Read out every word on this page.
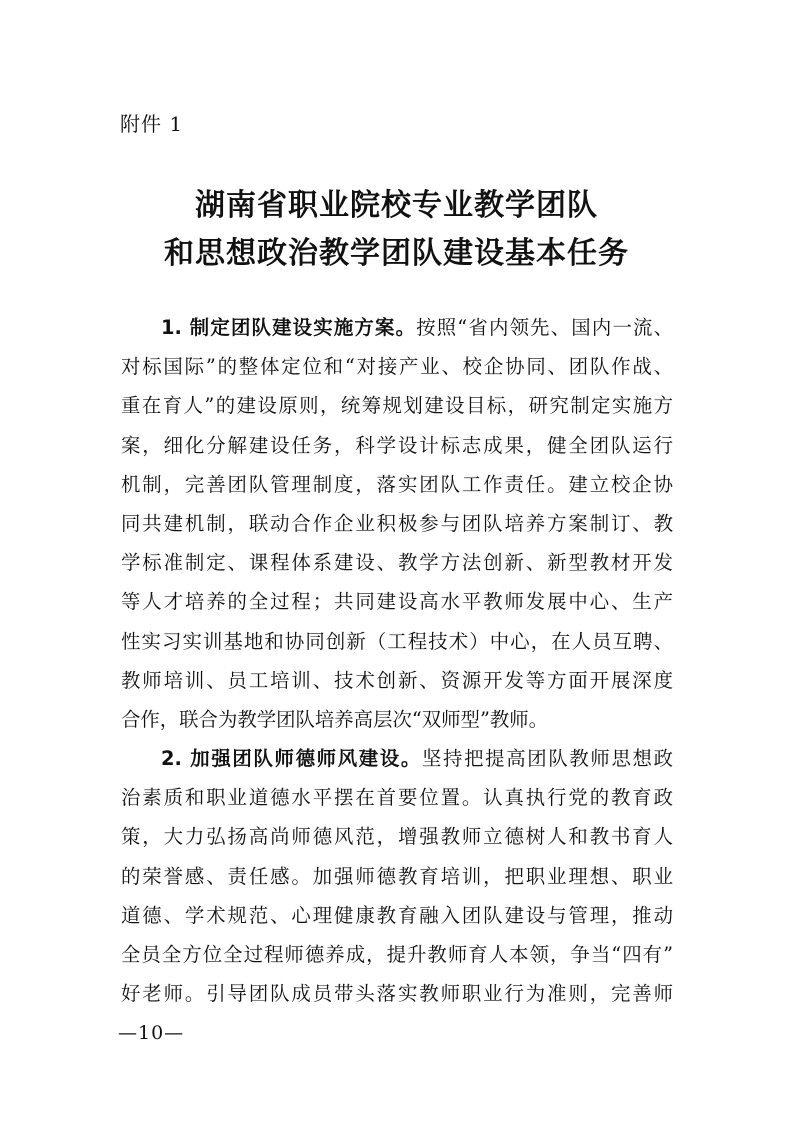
附件 1
湖南省职业院校专业教学团队
和思想政治教学团队建设基本任务
1. 制定团队建设实施方案。按照“省内领先、国内一流、
对标国际”的整体定位和“对接产业、校企协同、团队作战、
重在育人”的建设原则，统筹规划建设目标，研究制定实施方
案，细化分解建设任务，科学设计标志成果，健全团队运行
机制，完善团队管理制度，落实团队工作责任。建立校企协
同共建机制，联动合作企业积极参与团队培养方案制订、教
学标准制定、课程体系建设、教学方法创新、新型教材开发
等人才培养的全过程；共同建设高水平教师发展中心、生产
性实习实训基地和协同创新（工程技术）中心，在人员互聘、
教师培训、员工培训、技术创新、资源开发等方面开展深度
合作，联合为教学团队培养高层次“双师型”教师。
2. 加强团队师德师风建设。坚持把提高团队教师思想政
治素质和职业道德水平摆在首要位置。认真执行党的教育政
策，大力弘扬高尚师德风范，增强教师立德树人和教书育人
的荣誉感、责任感。加强师德教育培训，把职业理想、职业
道德、学术规范、心理健康教育融入团队建设与管理，推动
全员全方位全过程师德养成，提升教师育人本领，争当“四有”
好老师。引导团队成员带头落实教师职业行为准则，完善师
—10—
